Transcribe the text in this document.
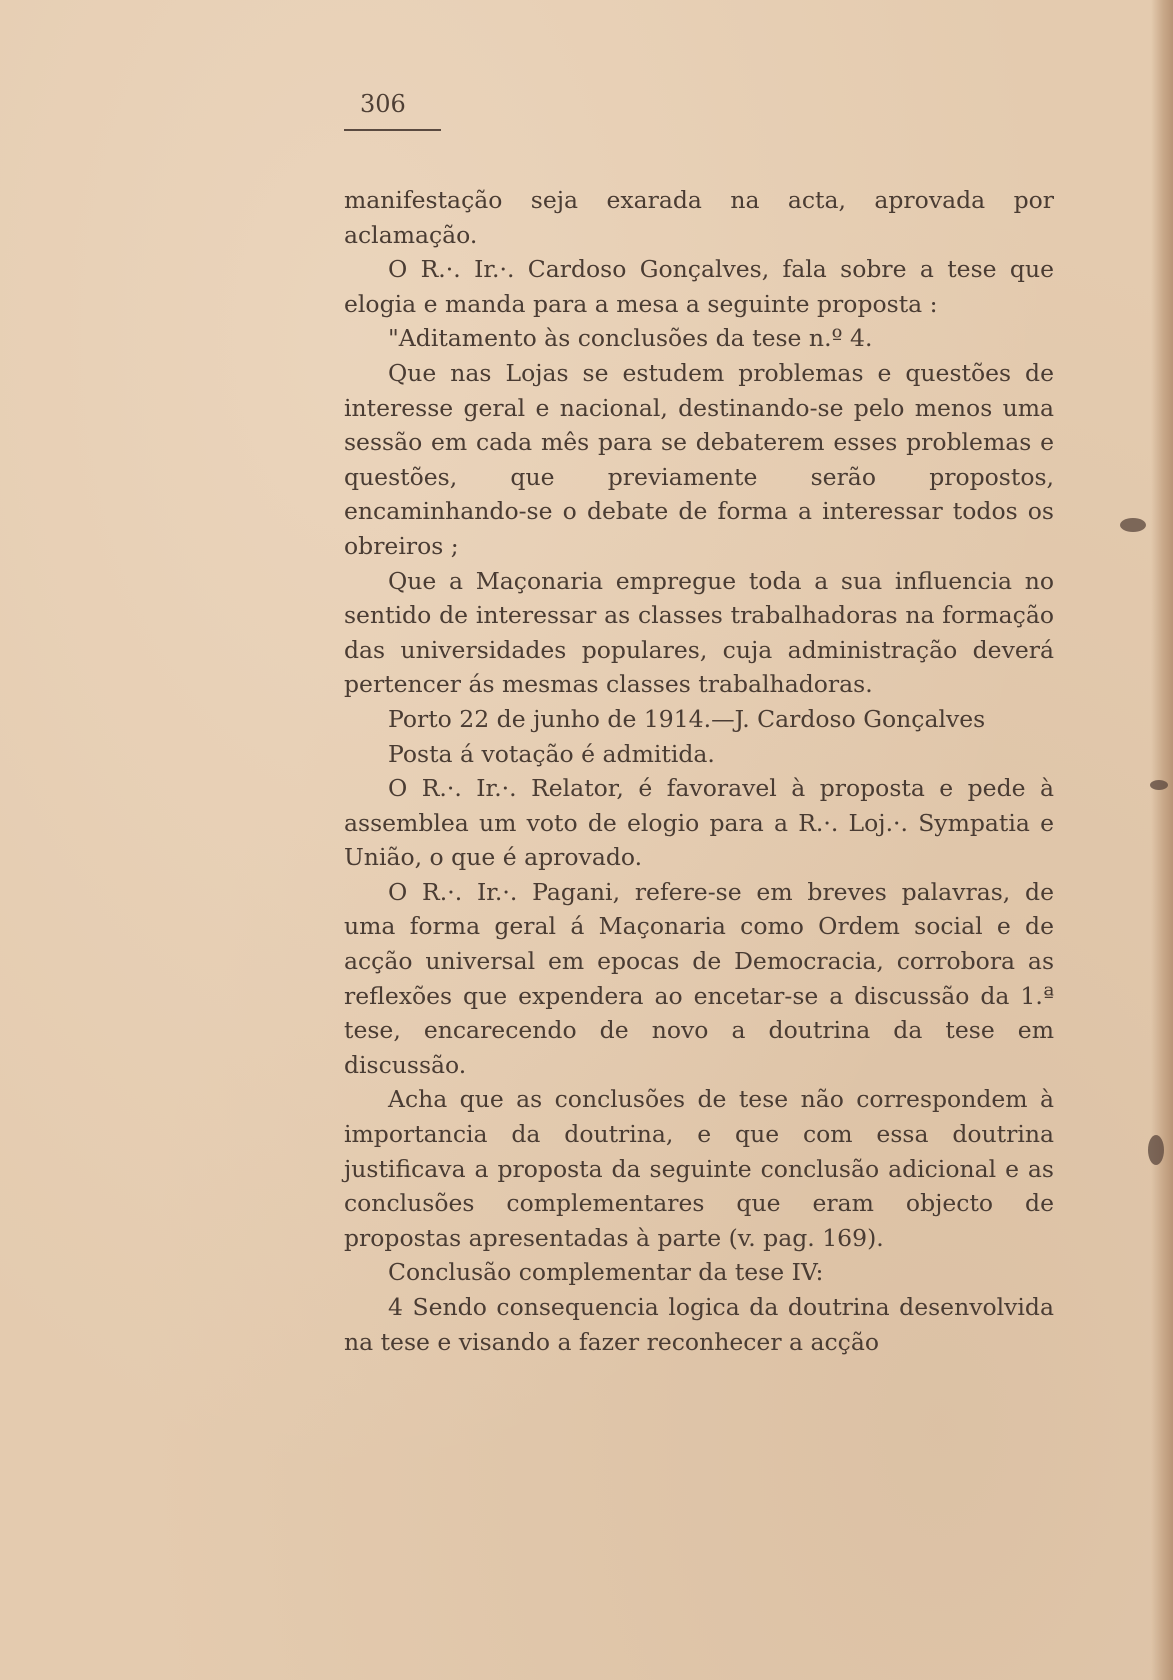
306

manifestação seja exarada na acta, aprovada por aclamação.

O R.·. Ir.·. Cardoso Gonçalves, fala sobre a tese que elogia e manda para a mesa a seguinte proposta :

"Aditamento às conclusões da tese n.º 4.

Que nas Lojas se estudem problemas e questões de interesse geral e nacional, destinando-se pelo menos uma sessão em cada mês para se debaterem esses problemas e questões, que previamente serão propostos, encaminhando-se o debate de forma a interessar todos os obreiros ;

Que a Maçonaria empregue toda a sua influencia no sentido de interessar as classes trabalhadoras na formação das universidades populares, cuja administração deverá pertencer ás mesmas classes trabalhadoras.

Porto 22 de junho de 1914.—J. Cardoso Gonçalves

Posta á votação é admitida.

O R.·. Ir.·. Relator, é favoravel à proposta e pede à assemblea um voto de elogio para a R.·. Loj.·. Sympatia e União, o que é aprovado.

O R.·. Ir.·. Pagani, refere-se em breves palavras, de uma forma geral á Maçonaria como Ordem social e de acção universal em epocas de Democracia, corrobora as reflexões que expendera ao encetar-se a discussão da 1.ª tese, encarecendo de novo a doutrina da tese em discussão.

Acha que as conclusões de tese não correspondem à importancia da doutrina, e que com essa doutrina justificava a proposta da seguinte conclusão adicional e as conclusões complementares que eram objecto de propostas apresentadas à parte (v. pag. 169).

Conclusão complementar da tese IV:

4 Sendo consequencia logica da doutrina desenvolvida na tese e visando a fazer reconhecer a acção
